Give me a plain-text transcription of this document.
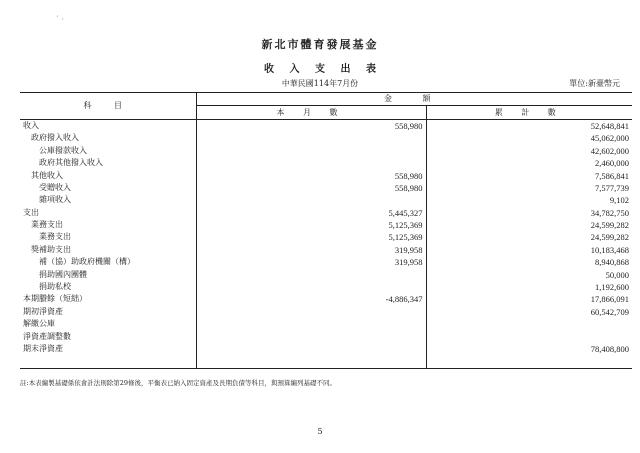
´ ·
新北市體育發展基金
收 入 支 出 表
中華民國114年7月份	單位:新臺幣元
科 目	金 額	
	本 月 數	累 計 數
收入	558,980	52,648,841
政府撥入收入		45,062,000
公庫撥款收入		42,602,000
政府其他撥入收入		2,460,000
其他收入	558,980	7,586,841
受贈收入	558,980	7,577,739
雜項收入		9,102
支出	5,445,327	34,782,750
業務支出	5,125,369	24,599,282
業務支出	5,125,369	24,599,282
獎補助支出	319,958	10,183,468
補（協）助政府機關（構）	319,958	8,940,868
捐助國內團體		50,000
捐助私校		1,192,600
本期賸餘（短絀）	-4,886,347	17,866,091
期初淨資產		60,542,709
解繳公庫		
淨資產調整數		
期末淨資產		78,408,800

註:本表編製基礎係依會計法則除第29條後，平衡表已納入固定資產及長期負債等科目，與預算編列基礎不同。
5
